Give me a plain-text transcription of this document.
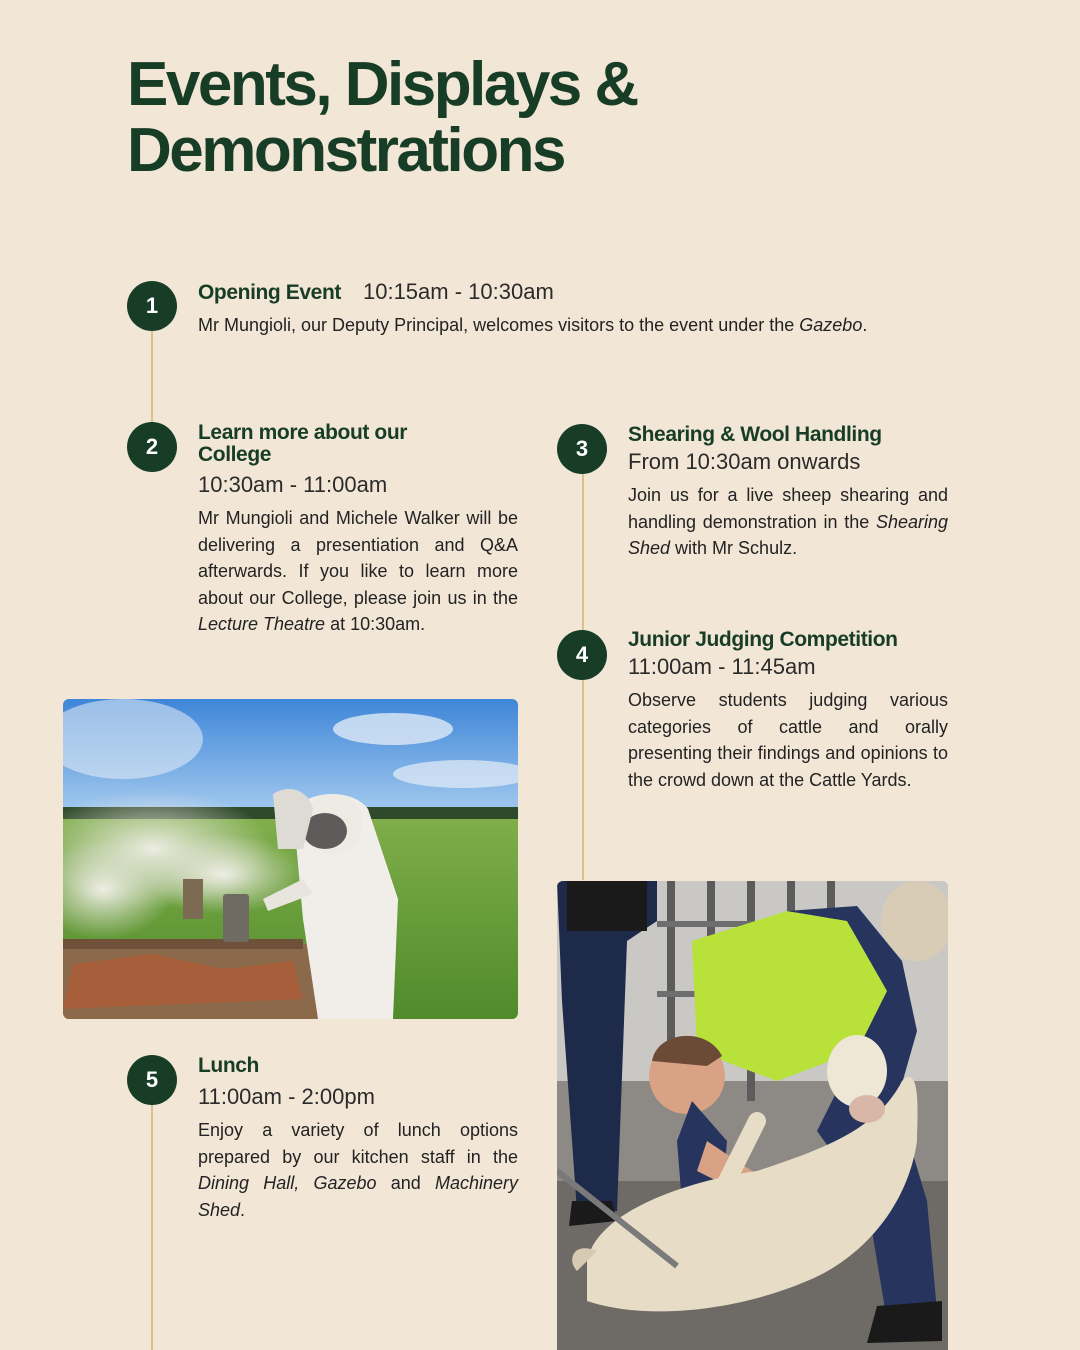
Events, Displays &
Demonstrations
1
2	3
4
5
Opening Event 10:15am - 10:30am

Mr Mungioli, our Deputy Principal, welcomes visitors to the event under the Gazebo.

Learn more about our
College
10:30am - 11:00am

Mr Mungioli and Michele Walker will be delivering a presentiation and Q&A afterwards. If you like to learn more about our College, please join us in the Lecture Theatre at 10:30am.

Shearing & Wool Handling
From 10:30am onwards

Join us for a live sheep shearing and handling demonstration in the Shearing Shed with Mr Schulz.

Junior Judging Competition
11:00am - 11:45am

Observe students judging various categories of cattle and orally presenting their findings and opinions to the crowd down at the Cattle Yards.

Lunch
11:00am - 2:00pm

Enjoy a variety of lunch options prepared by our kitchen staff in the Dining Hall, Gazebo and Machinery Shed.
